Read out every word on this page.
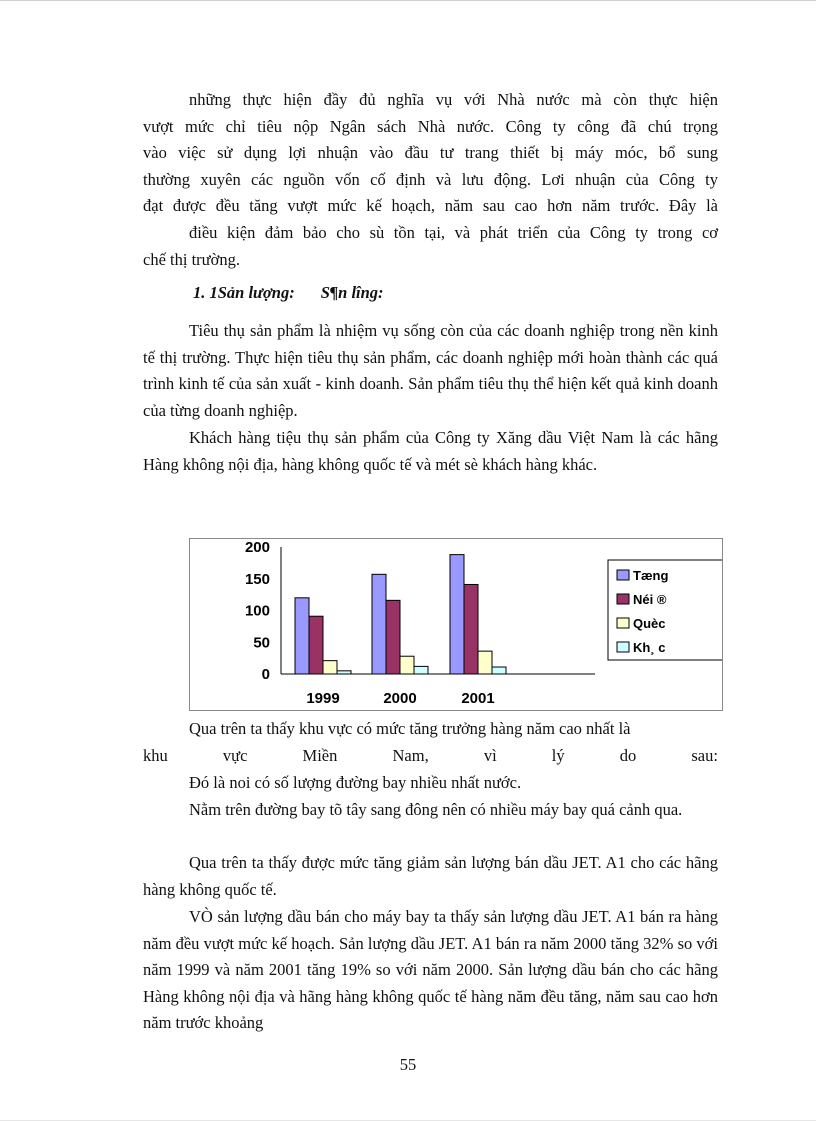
những thực hiện đầy đủ nghĩa vụ với Nhà nước mà còn thực hiện
vượt mức chỉ tiêu nộp Ngân sách Nhà nước. Công ty công đã chú trọng
vào việc sử dụng lợi nhuận vào đầu tư trang thiết bị máy móc, bổ sung
thường xuyên các nguồn vốn cố định và lưu động. Lơi nhuận của Công ty
đạt được đều tăng vượt mức kế hoạch, năm sau cao hơn năm trước. Đây là
điều kiện đảm bảo cho sù tồn tại, và phát triển của Công ty trong cơ
chế thị trường.
1. 1Sản lượng: S¶n lîng:

Tiêu thụ sản phẩm là nhiệm vụ sống còn của các doanh nghiệp trong nền kinh tế thị trường. Thực hiện tiêu thụ sản phẩm, các doanh nghiệp mới hoàn thành các quá trình kinh tế của sản xuất - kinh doanh. Sản phẩm tiêu thụ thể hiện kết quả kinh doanh của từng doanh nghiệp.

Khách hàng tiệu thụ sản phẩm của Công ty Xăng dầu Việt Nam là các hãng Hàng không nội địa, hàng không quốc tế và mét sè khách hàng khác.

0
50
100
150
200
1999	2000	2001
Tæng
Néi ®
Quèc
Kh¸ c
Qua trên ta thấy khu vực có mức tăng trưởng hàng năm cao nhất là
khu	vực	Miền	Nam,	vì	lý	do	sau:

Đó là noi có số lượng đường bay nhiều nhất nước.

Nằm trên đường bay tõ tây sang đông nên có nhiều máy bay quá cảnh qua.

Qua trên ta thấy được mức tăng giảm sản lượng bán dầu JET. A1 cho các hãng hàng không quốc tế.

VÒ sản lượng dầu bán cho máy bay ta thấy sản lượng dầu JET. A1 bán ra hàng năm đều vượt mức kế hoạch. Sản lượng dầu JET. A1 bán ra năm 2000 tăng 32% so với năm 1999 và năm 2001 tăng 19% so với năm 2000. Sản lượng dầu bán cho các hãng Hàng không nội địa và hãng hàng không quốc tế hàng năm đều tăng, năm sau cao hơn năm trước khoảng

55
